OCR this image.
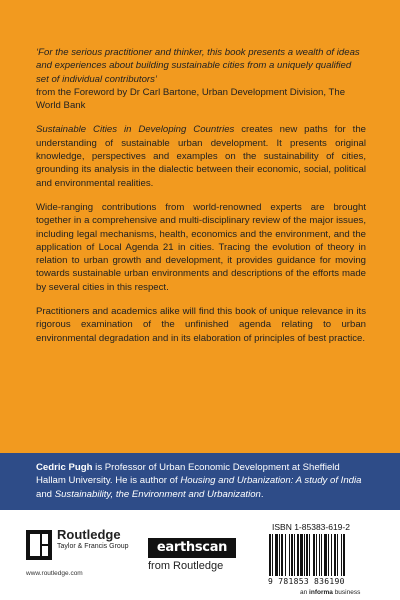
‘For the serious practitioner and thinker, this book presents a wealth of ideas and experiences about building sustainable cities from a uniquely qualified set of individual contributors’
from the Foreword by Dr Carl Bartone, Urban Development Division, The World Bank

Sustainable Cities in Developing Countries creates new paths for the understanding of sustainable urban development. It presents original knowledge, perspectives and examples on the sustainability of cities, grounding its analysis in the dialectic between their economic, social, political and environmental realities.

Wide-ranging contributions from world-renowned experts are brought together in a comprehensive and multi-disciplinary review of the major issues, including legal mechanisms, health, economics and the environment, and the application of Local Agenda 21 in cities. Tracing the evolution of theory in relation to urban growth and development, it provides guidance for moving towards sustainable urban environments and descriptions of the efforts made by several cities in this respect.

Practitioners and academics alike will find this book of unique relevance in its rigorous examination of the unfinished agenda relating to urban environmental degradation and in its elaboration of principles of best practice.

Cedric Pugh is Professor of Urban Economic Development at Sheffield Hallam University. He is author of Housing and Urbanization: A study of India and Sustainability, the Environment and Urbanization.
Routledge
Taylor & Francis Group
www.routledge.com
earthscan
from Routledge
ISBN 1-85383-619-2
9 781853 836190
an informa business
